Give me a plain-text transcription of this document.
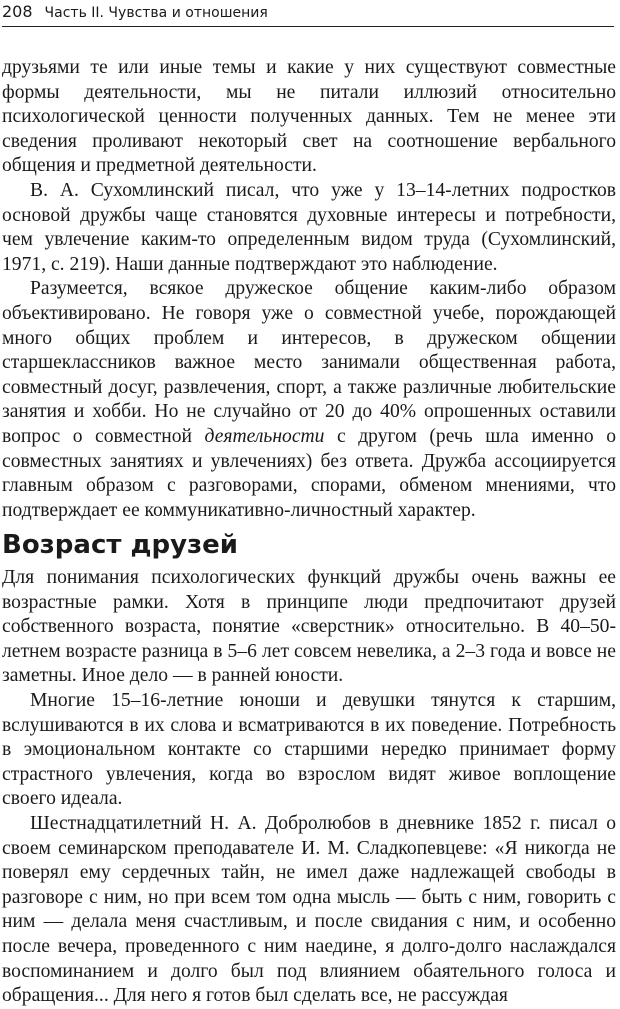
208 Часть II. Чувства и отношения

друзьями те или иные темы и какие у них существуют совместные формы деятельности, мы не питали иллюзий относительно психологической ценности полученных данных. Тем не менее эти сведения проливают некоторый свет на соотношение вербального общения и предметной деятельности.

В. А. Сухомлинский писал, что уже у 13–14-летних подростков основой дружбы чаще становятся духовные интересы и потребности, чем увлечение каким-то определенным видом труда (Сухомлинский, 1971, с. 219). Наши данные подтверждают это наблюдение.

Разумеется, всякое дружеское общение каким-либо образом объективировано. Не говоря уже о совместной учебе, порождающей много общих проблем и интересов, в дружеском общении старшеклассников важное место занимали общественная работа, совместный досуг, развлечения, спорт, а также различные любительские занятия и хобби. Но не случайно от 20 до 40% опрошенных оставили вопрос о совместной деятельности с другом (речь шла именно о совместных занятиях и увлечениях) без ответа. Дружба ассоциируется главным образом с разговорами, спорами, обменом мнениями, что подтверждает ее коммуникативно-личностный характер.

Возраст друзей

Для понимания психологических функций дружбы очень важны ее возрастные рамки. Хотя в принципе люди предпочитают друзей собственного возраста, понятие «сверстник» относительно. В 40–50-летнем возрасте разница в 5–6 лет совсем невелика, а 2–3 года и вовсе не заметны. Иное дело — в ранней юности.

Многие 15–16-летние юноши и девушки тянутся к старшим, вслушиваются в их слова и всматриваются в их поведение. Потребность в эмоциональном контакте со старшими нередко принимает форму страстного увлечения, когда во взрослом видят живое воплощение своего идеала.

Шестнадцатилетний Н. А. Добролюбов в дневнике 1852 г. писал о своем семинарском преподавателе И. М. Сладкопевцеве: «Я никогда не поверял ему сердечных тайн, не имел даже надлежащей свободы в разговоре с ним, но при всем том одна мысль — быть с ним, говорить с ним — делала меня счастливым, и после свидания с ним, и особенно после вечера, проведенного с ним наедине, я долго-долго наслаждался воспоминанием и долго был под влиянием обаятельного голоса и обращения... Для него я готов был сделать все, не рассуждая
